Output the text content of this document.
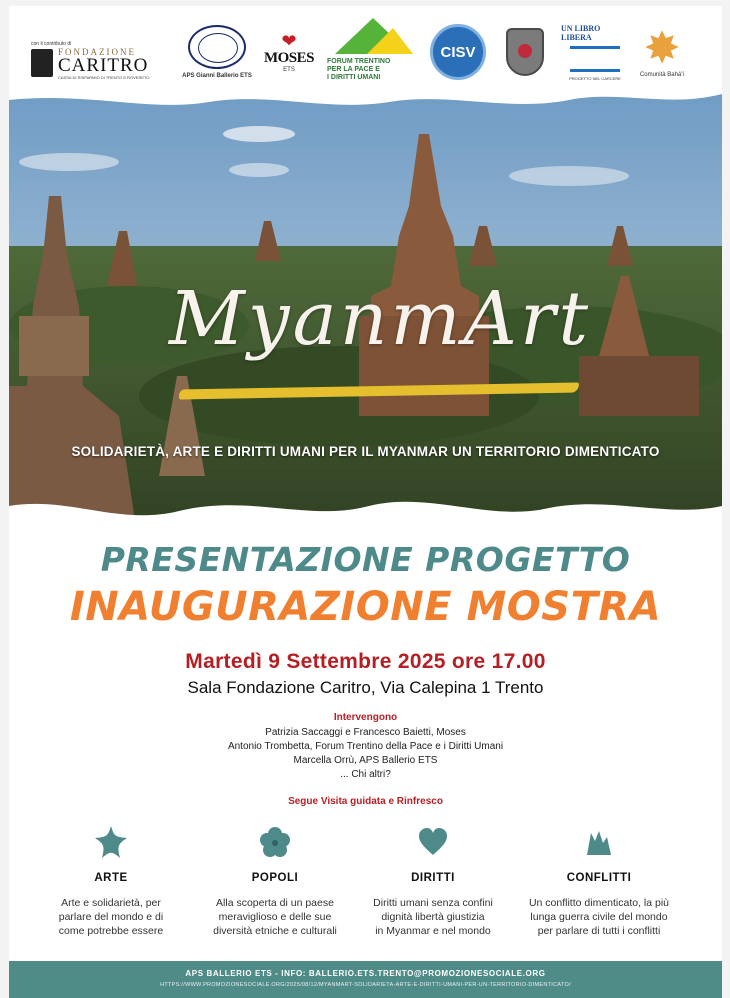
con il contributo di
FONDAZIONE
CARITRO
CASSA DI RISPARMIO DI TRENTO E ROVERETO	APS Gianni Ballerio ETS
❤
MOSES
ETS
FORUM TRENTINO
PER LA PACE E
I DIRITTI UMANI
CISV
UN LIBRO LIBERA
PROGETTO NEL CARCERE
✸
Comunità Bahá'í
MyanmArt
SOLIDARIETÀ, ARTE E DIRITTI UMANI PER IL MYANMAR UN TERRITORIO DIMENTICATO
PRESENTAZIONE PROGETTO
INAUGURAZIONE MOSTRA
Martedì 9 Settembre 2025 ore 17.00
Sala Fondazione Caritro, Via Calepina 1 Trento
Intervengono
Patrizia Saccaggi e Francesco Baietti, Moses
Antonio Trombetta, Forum Trentino della Pace e i Diritti Umani
Marcella Orrù, APS Ballerio ETS
... Chi altri?
Segue Visita guidata e Rinfresco
ARTE
Arte e solidarietà, per
parlare del mondo e di
come potrebbe essere
POPOLI
Alla scoperta di un paese
meraviglioso e delle sue
diversità etniche e culturali
DIRITTI
Diritti umani senza confini
dignità libertà giustizia
in Myanmar e nel mondo
CONFLITTI
Un conflitto dimenticato, la più
lunga guerra civile del mondo
per parlare di tutti i conflitti
APS BALLERIO ETS - INFO: BALLERIO.ETS.TRENTO@PROMOZIONESOCIALE.ORG
HTTPS://WWW.PROMOZIONESOCIALE.ORG/2025/08/12/MYANMART-SOLIDARIETA-ARTE-E-DIRITTI-UMANI-PER-UN-TERRITORIO-DIMENTICATO/
